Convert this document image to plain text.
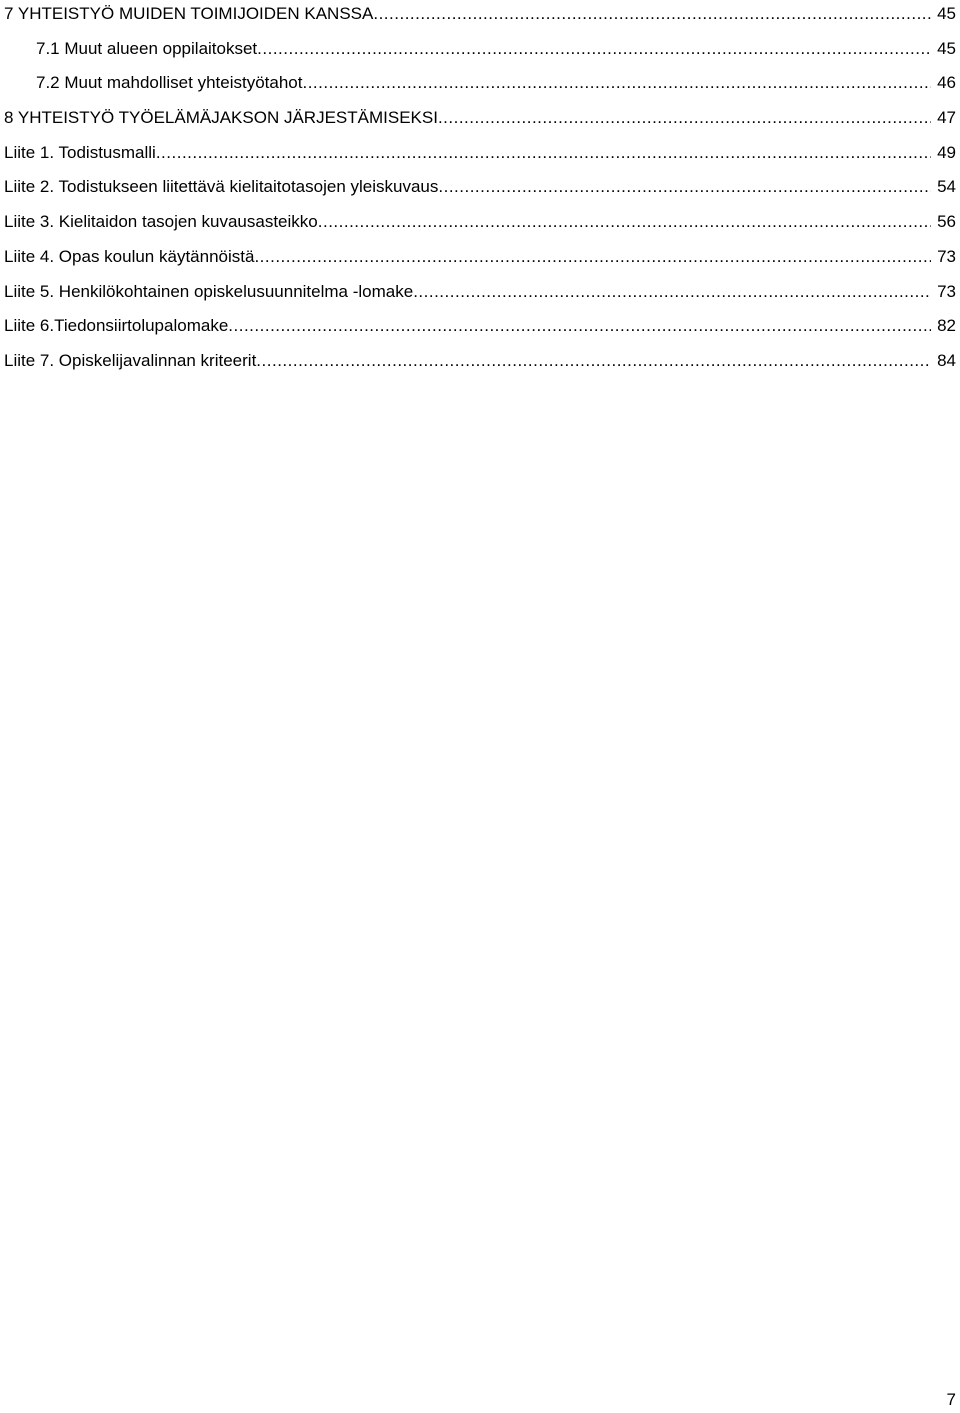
7 YHTEISTYÖ MUIDEN TOIMIJOIDEN KANSSA .....	45
7.1 Muut alueen oppilaitokset .....	45
7.2 Muut mahdolliset yhteistyötahot .....	46
8 YHTEISTYÖ TYÖELÄMÄJAKSON JÄRJESTÄMISEKSI .....	47
Liite 1. Todistusmalli .....	49
Liite 2. Todistukseen liitettävä kielitaitotasojen yleiskuvaus .....	54
Liite 3. Kielitaidon tasojen kuvausasteikko .....	56
Liite 4. Opas koulun käytännöistä .....	73
Liite 5. Henkilökohtainen opiskelusuunnitelma -lomake .....	73
Liite 6.Tiedonsiirtolupalomake .....	82
Liite 7. Opiskelijavalinnan kriteerit .....	84
7
